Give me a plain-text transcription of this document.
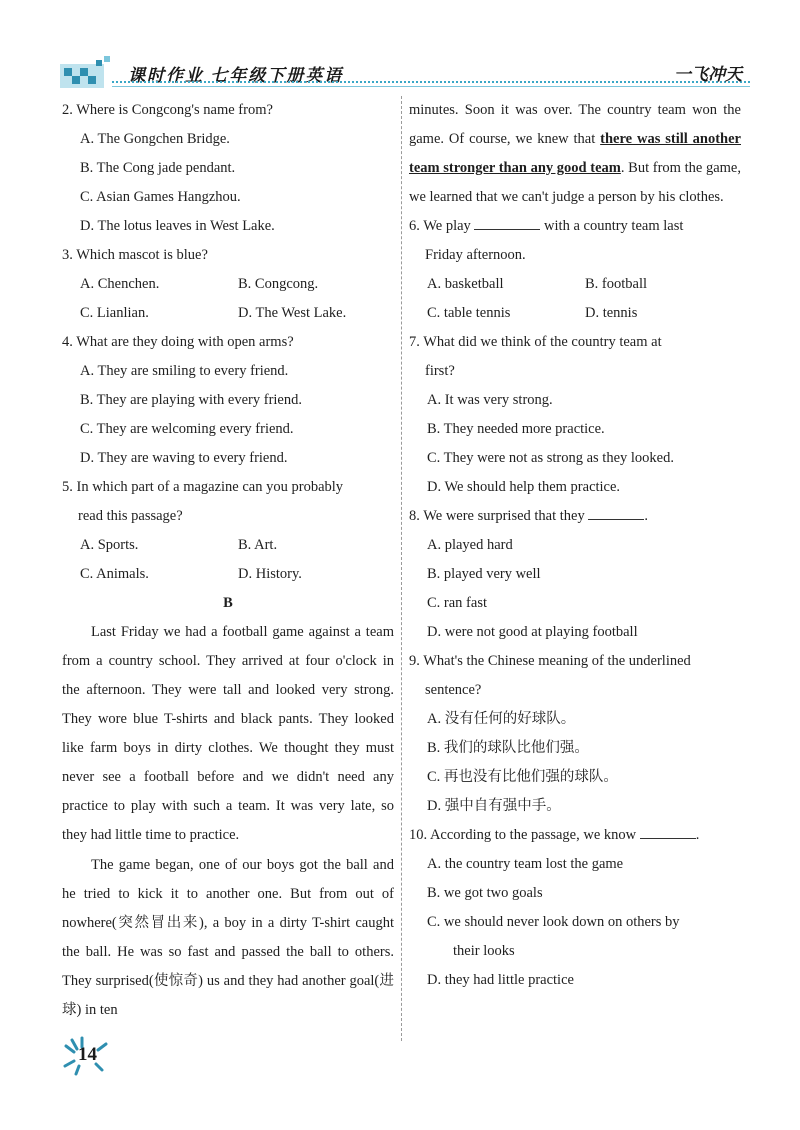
课时作业 七年级下册英语	一飞冲天

2. Where is Congcong's name from?

A. The Gongchen Bridge.

B. The Cong jade pendant.

C. Asian Games Hangzhou.

D. The lotus leaves in West Lake.

3. Which mascot is blue?

A. Chenchen.	B. Congcong.
C. Lianlian.	D. The West Lake.

4. What are they doing with open arms?

A. They are smiling to every friend.

B. They are playing with every friend.

C. They are welcoming every friend.

D. They are waving to every friend.

5. In which part of a magazine can you probably

read this passage?

A. Sports.	B. Art.
C. Animals.	D. History.

B

Last Friday we had a football game against a team from a country school. They arrived at four o'clock in the afternoon. They were tall and looked very strong. They wore blue T-shirts and black pants. They looked like farm boys in dirty clothes. We thought they must never see a football before and we didn't need any practice to play with such a team. It was very late, so they had little time to practice.

The game began, one of our boys got the ball and he tried to kick it to another one. But from out of nowhere(突然冒出来), a boy in a dirty T-shirt caught the ball. He was so fast and passed the ball to others. They surprised(使惊奇) us and they had another goal(进球) in ten

minutes. Soon it was over. The country team won the game. Of course, we knew that there was still another team stronger than any good team. But from the game, we learned that we can't judge a person by his clothes.

6. We play	with a country team last

Friday afternoon.

A. basketball	B. football
C. table tennis	D. tennis

7. What did we think of the country team at

first?

A. It was very strong.

B. They needed more practice.

C. They were not as strong as they looked.

D. We should help them practice.

8. We were surprised that they	.

A. played hard

B. played very well

C. ran fast

D. were not good at playing football

9. What's the Chinese meaning of the underlined

sentence?

A. 没有任何的好球队。

B. 我们的球队比他们强。

C. 再也没有比他们强的球队。

D. 强中自有强中手。

10. According to the passage, we know	.

A. the country team lost the game

B. we got two goals

C. we should never look down on others by

their looks

D. they had little practice

14
